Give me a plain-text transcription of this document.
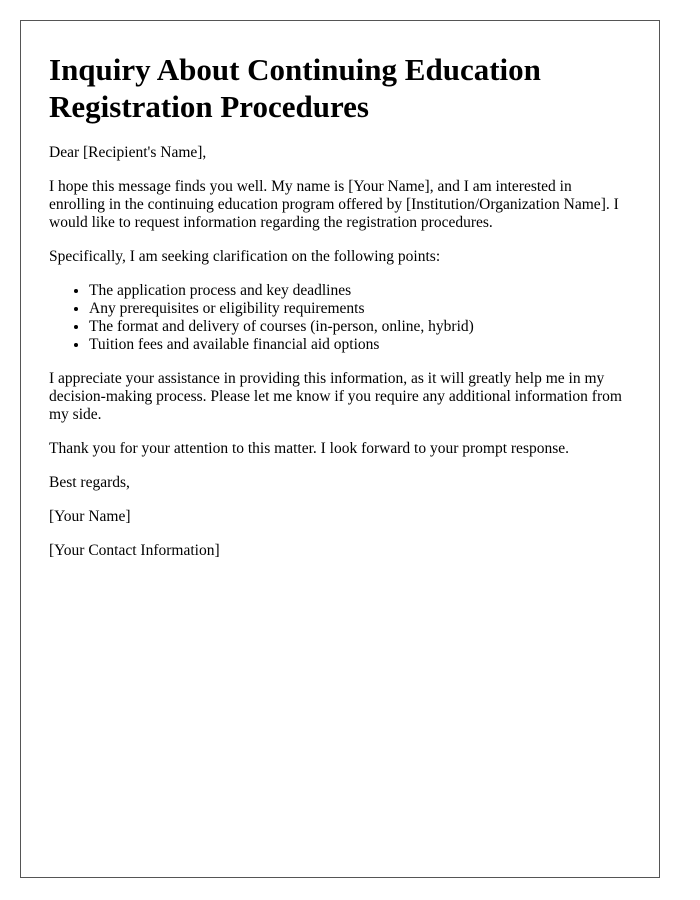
Inquiry About Continuing Education Registration Procedures

Dear [Recipient's Name],

I hope this message finds you well. My name is [Your Name], and I am interested in enrolling in the continuing education program offered by [Institution/Organization Name]. I would like to request information regarding the registration procedures.

Specifically, I am seeking clarification on the following points:

• The application process and key deadlines
• Any prerequisites or eligibility requirements
• The format and delivery of courses (in-person, online, hybrid)
• Tuition fees and available financial aid options

I appreciate your assistance in providing this information, as it will greatly help me in my decision-making process. Please let me know if you require any additional information from my side.

Thank you for your attention to this matter. I look forward to your prompt response.

Best regards,

[Your Name]

[Your Contact Information]
